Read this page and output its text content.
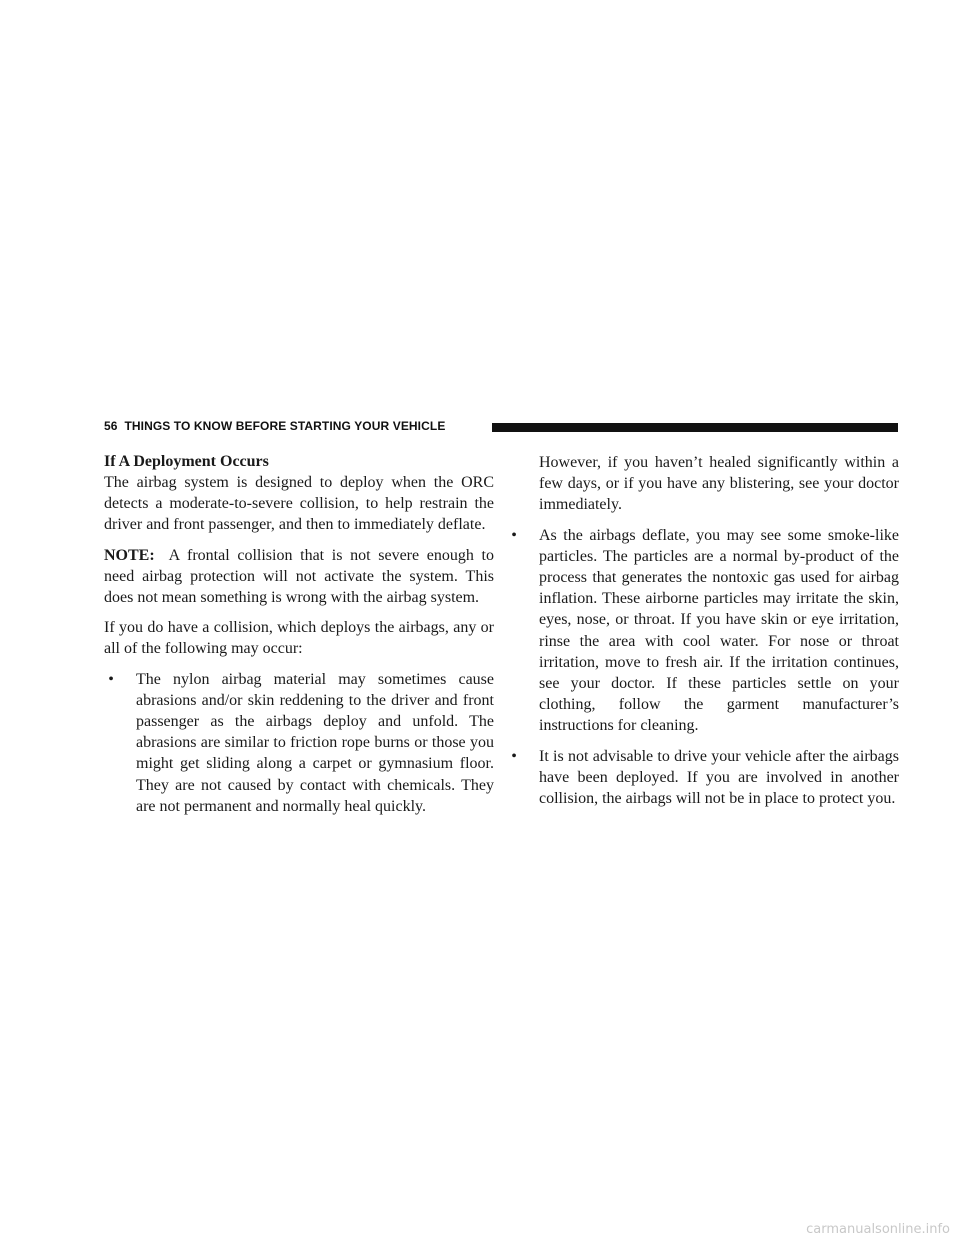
56 THINGS TO KNOW BEFORE STARTING YOUR VEHICLE

If A Deployment Occurs

The airbag system is designed to deploy when the ORC detects a moderate-to-severe collision, to help restrain the driver and front passenger, and then to immediately deflate.

NOTE: A frontal collision that is not severe enough to need airbag protection will not activate the system. This does not mean something is wrong with the airbag system.

If you do have a collision, which deploys the airbags, any or all of the following may occur:

• The nylon airbag material may sometimes cause abrasions and/or skin reddening to the driver and front passenger as the airbags deploy and unfold. The abrasions are similar to friction rope burns or those you might get sliding along a carpet or gymnasium floor. They are not caused by contact with chemicals. They are not permanent and normally heal quickly.

However, if you haven’t healed significantly within a few days, or if you have any blistering, see your doctor immediately.

• As the airbags deflate, you may see some smoke-like particles. The particles are a normal by-product of the process that generates the nontoxic gas used for airbag inflation. These airborne particles may irritate the skin, eyes, nose, or throat. If you have skin or eye irritation, rinse the area with cool water. For nose or throat irritation, move to fresh air. If the irritation continues, see your doctor. If these particles settle on your clothing, follow the garment manufacturer’s instructions for cleaning.
• It is not advisable to drive your vehicle after the airbags have been deployed. If you are involved in another collision, the airbags will not be in place to protect you.
carmanualsonline.info
